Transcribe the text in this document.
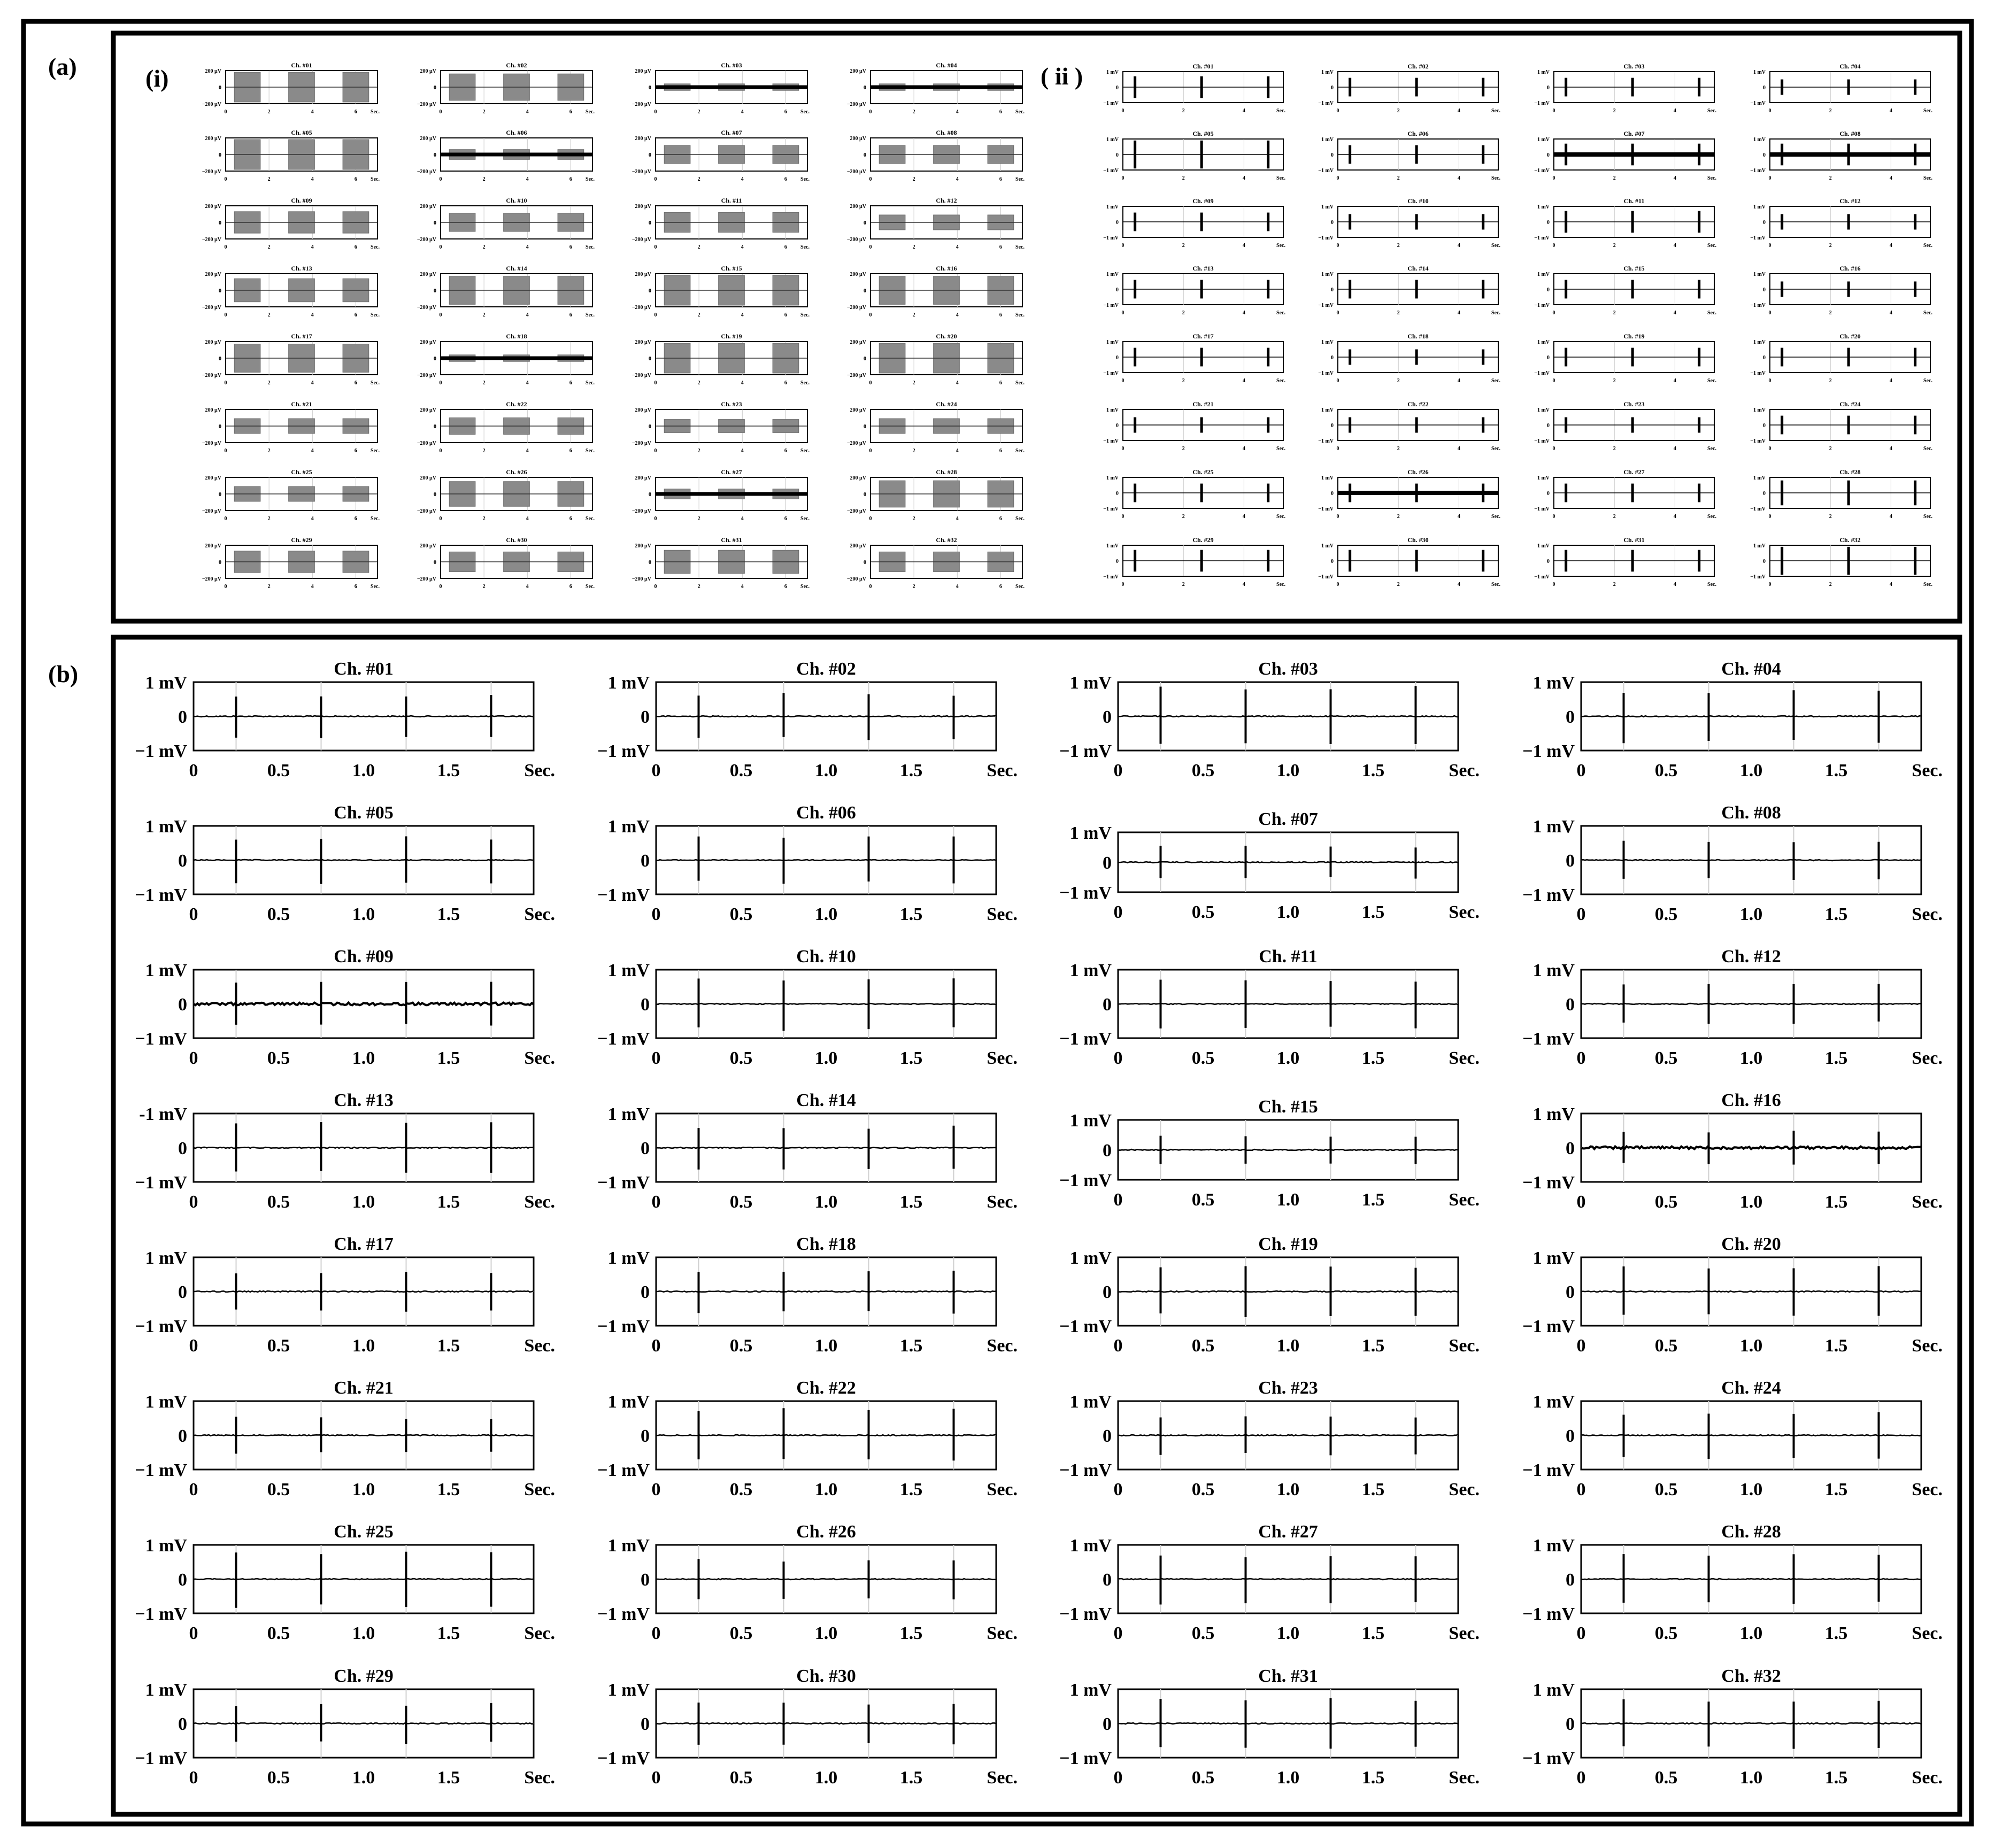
(a)	(i)	( ii )
(b)
Ch. #01
200 µV
0
−200 µV
0	2	4	6	Sec.
Ch. #02
200 µV
0
−200 µV
0	2	4	6	Sec.
Ch. #03
200 µV
0
−200 µV
0	2	4	6	Sec.
Ch. #04
200 µV
0
−200 µV
0	2	4	6	Sec.
Ch. #05
200 µV
0
−200 µV
0	2	4	6	Sec.
Ch. #06
200 µV
0
−200 µV
0	2	4	6	Sec.
Ch. #07
200 µV
0
−200 µV
0	2	4	6	Sec.
Ch. #08
200 µV
0
−200 µV
0	2	4	6	Sec.
Ch. #09
200 µV
0
−200 µV
0	2	4	6	Sec.
Ch. #10
200 µV
0
−200 µV
0	2	4	6	Sec.
Ch. #11
200 µV
0
−200 µV
0	2	4	6	Sec.
Ch. #12
200 µV
0
−200 µV
0	2	4	6	Sec.
Ch. #13
200 µV
0
−200 µV
0	2	4	6	Sec.
Ch. #14
200 µV
0
−200 µV
0	2	4	6	Sec.
Ch. #15
200 µV
0
−200 µV
0	2	4	6	Sec.
Ch. #16
200 µV
0
−200 µV
0	2	4	6	Sec.
Ch. #17
200 µV
0
−200 µV
0	2	4	6	Sec.
Ch. #18
200 µV
0
−200 µV
0	2	4	6	Sec.
Ch. #19
200 µV
0
−200 µV
0	2	4	6	Sec.
Ch. #20
200 µV
0
−200 µV
0	2	4	6	Sec.
Ch. #21
200 µV
0
−200 µV
0	2	4	6	Sec.
Ch. #22
200 µV
0
−200 µV
0	2	4	6	Sec.
Ch. #23
200 µV
0
−200 µV
0	2	4	6	Sec.
Ch. #24
200 µV
0
−200 µV
0	2	4	6	Sec.
Ch. #25
200 µV
0
−200 µV
0	2	4	6	Sec.
Ch. #26
200 µV
0
−200 µV
0	2	4	6	Sec.
Ch. #27
200 µV
0
−200 µV
0	2	4	6	Sec.
Ch. #28
200 µV
0
−200 µV
0	2	4	6	Sec.
Ch. #29
200 µV
0
−200 µV
0	2	4	6	Sec.
Ch. #30
200 µV
0
−200 µV
0	2	4	6	Sec.
Ch. #31
200 µV
0
−200 µV
0	2	4	6	Sec.
Ch. #32
200 µV
0
−200 µV
0	2	4	6	Sec.
Ch. #01
1 mV
0
−1 mV
0	2	4	Sec.
Ch. #02
1 mV
0
−1 mV
0	2	4	Sec.
Ch. #03
1 mV
0
−1 mV
0	2	4	Sec.
Ch. #04
1 mV
0
−1 mV
0	2	4	Sec.
Ch. #05
1 mV
0
−1 mV
0	2	4	Sec.
Ch. #06
1 mV
0
−1 mV
0	2	4	Sec.
Ch. #07
1 mV
0
−1 mV
0	2	4	Sec.
Ch. #08
1 mV
0
−1 mV
0	2	4	Sec.
Ch. #09
1 mV
0
−1 mV
0	2	4	Sec.
Ch. #10
1 mV
0
−1 mV
0	2	4	Sec.
Ch. #11
1 mV
0
−1 mV
0	2	4	Sec.
Ch. #12
1 mV
0
−1 mV
0	2	4	Sec.
Ch. #13
1 mV
0
−1 mV
0	2	4	Sec.
Ch. #14
1 mV
0
−1 mV
0	2	4	Sec.
Ch. #15
1 mV
0
−1 mV
0	2	4	Sec.
Ch. #16
1 mV
0
−1 mV
0	2	4	Sec.
Ch. #17
1 mV
0
−1 mV
0	2	4	Sec.
Ch. #18
1 mV
0
−1 mV
0	2	4	Sec.
Ch. #19
1 mV
0
−1 mV
0	2	4	Sec.
Ch. #20
1 mV
0
−1 mV
0	2	4	Sec.
Ch. #21
1 mV
0
−1 mV
0	2	4	Sec.
Ch. #22
1 mV
0
−1 mV
0	2	4	Sec.
Ch. #23
1 mV
0
−1 mV
0	2	4	Sec.
Ch. #24
1 mV
0
−1 mV
0	2	4	Sec.
Ch. #25
1 mV
0
−1 mV
0	2	4	Sec.
Ch. #26
1 mV
0
−1 mV
0	2	4	Sec.
Ch. #27
1 mV
0
−1 mV
0	2	4	Sec.
Ch. #28
1 mV
0
−1 mV
0	2	4	Sec.
Ch. #29
1 mV
0
−1 mV
0	2	4	Sec.
Ch. #30
1 mV
0
−1 mV
0	2	4	Sec.
Ch. #31
1 mV
0
−1 mV
0	2	4	Sec.
Ch. #32
1 mV
0
−1 mV
0	2	4	Sec.
Ch. #01
1 mV
0
−1 mV
0	0.5	1.0	1.5	Sec.
Ch. #02
1 mV
0
−1 mV
0	0.5	1.0	1.5	Sec.
Ch. #03
1 mV
0
−1 mV
0	0.5	1.0	1.5	Sec.
Ch. #04
1 mV
0
−1 mV
0	0.5	1.0	1.5	Sec.
Ch. #05
1 mV
0
−1 mV
0	0.5	1.0	1.5	Sec.
Ch. #06
1 mV
0
−1 mV
0	0.5	1.0	1.5	Sec.
Ch. #07
1 mV
0
−1 mV
0	0.5	1.0	1.5	Sec.
Ch. #08
1 mV
0
−1 mV
0	0.5	1.0	1.5	Sec.
Ch. #09
1 mV
0
−1 mV
0	0.5	1.0	1.5	Sec.
Ch. #10
1 mV
0
−1 mV
0	0.5	1.0	1.5	Sec.
Ch. #11
1 mV
0
−1 mV
0	0.5	1.0	1.5	Sec.
Ch. #12
1 mV
0
−1 mV
0	0.5	1.0	1.5	Sec.
Ch. #13
-1 mV
0
−1 mV
0	0.5	1.0	1.5	Sec.
Ch. #14
1 mV
0
−1 mV
0	0.5	1.0	1.5	Sec.
Ch. #15
1 mV
0
−1 mV
0	0.5	1.0	1.5	Sec.
Ch. #16
1 mV
0
−1 mV
0	0.5	1.0	1.5	Sec.
Ch. #17
1 mV
0
−1 mV
0	0.5	1.0	1.5	Sec.
Ch. #18
1 mV
0
−1 mV
0	0.5	1.0	1.5	Sec.
Ch. #19
1 mV
0
−1 mV
0	0.5	1.0	1.5	Sec.
Ch. #20
1 mV
0
−1 mV
0	0.5	1.0	1.5	Sec.
Ch. #21
1 mV
0
−1 mV
0	0.5	1.0	1.5	Sec.
Ch. #22
1 mV
0
−1 mV
0	0.5	1.0	1.5	Sec.
Ch. #23
1 mV
0
−1 mV
0	0.5	1.0	1.5	Sec.
Ch. #24
1 mV
0
−1 mV
0	0.5	1.0	1.5	Sec.
Ch. #25
1 mV
0
−1 mV
0	0.5	1.0	1.5	Sec.
Ch. #26
1 mV
0
−1 mV
0	0.5	1.0	1.5	Sec.
Ch. #27
1 mV
0
−1 mV
0	0.5	1.0	1.5	Sec.
Ch. #28
1 mV
0
−1 mV
0	0.5	1.0	1.5	Sec.
Ch. #29
1 mV
0
−1 mV
0	0.5	1.0	1.5	Sec.
Ch. #30
1 mV
0
−1 mV
0	0.5	1.0	1.5	Sec.
Ch. #31
1 mV
0
−1 mV
0	0.5	1.0	1.5	Sec.
Ch. #32
1 mV
0
−1 mV
0	0.5	1.0	1.5	Sec.
